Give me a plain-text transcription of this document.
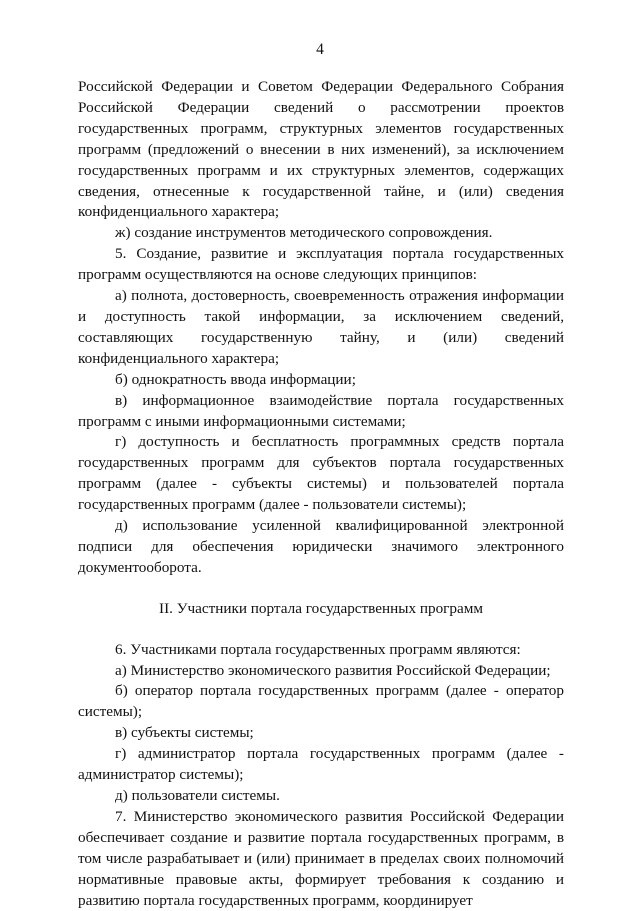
4

Российской Федерации и Советом Федерации Федерального Собрания Российской Федерации сведений о рассмотрении проектов государственных программ, структурных элементов государственных программ (предложений о внесении в них изменений), за исключением государственных программ и их структурных элементов, содержащих сведения, отнесенные к государственной тайне, и (или) сведения конфиденциального характера;

ж) создание инструментов методического сопровождения.

5. Создание, развитие и эксплуатация портала государственных программ осуществляются на основе следующих принципов:

а) полнота, достоверность, своевременность отражения информации и доступность такой информации, за исключением сведений, составляющих государственную тайну, и (или) сведений конфиденциального характера;

б) однократность ввода информации;

в) информационное взаимодействие портала государственных программ с иными информационными системами;

г) доступность и бесплатность программных средств портала государственных программ для субъектов портала государственных программ (далее - субъекты системы) и пользователей портала государственных программ (далее - пользователи системы);

д) использование усиленной квалифицированной электронной подписи для обеспечения юридически значимого электронного документооборота.

II. Участники портала государственных программ

6. Участниками портала государственных программ являются:

а) Министерство экономического развития Российской Федерации;

б) оператор портала государственных программ (далее - оператор системы);

в) субъекты системы;

г) администратор портала государственных программ (далее - администратор системы);

д) пользователи системы.

7. Министерство экономического развития Российской Федерации обеспечивает создание и развитие портала государственных программ, в том числе разрабатывает и (или) принимает в пределах своих полномочий нормативные правовые акты, формирует требования к созданию и развитию портала государственных программ, координирует
